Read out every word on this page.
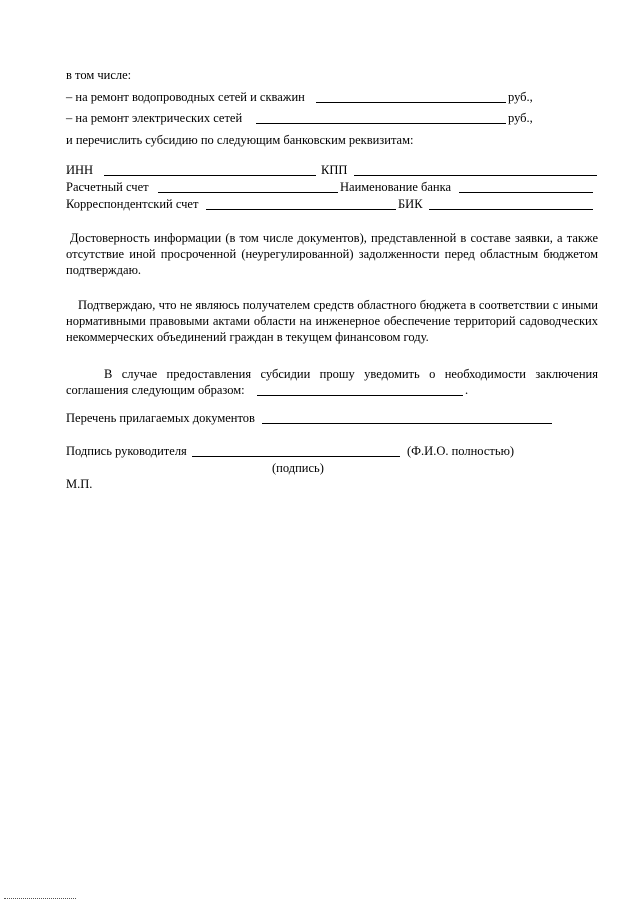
в том числе:
– на ремонт водопроводных сетей и скважин	руб.,
– на ремонт электрических сетей	руб.,
и перечислить субсидию по следующим банковским реквизитам:
ИНН	КПП
Расчетный счет	Наименование банка
Корреспондентский счет	БИК
Достоверность информации (в том числе документов), представленной в составе заявки, а также отсутствие иной просроченной (неурегулированной) задолженности перед областным бюджетом подтверждаю.
Подтверждаю, что не являюсь получателем средств областного бюджета в соответствии с иными нормативными правовыми актами области на инженерное обеспечение территорий садоводческих некоммерческих объединений граждан в текущем финансовом году.
В случае предоставления субсидии прошу уведомить о необходимости заключения
соглашения следующим образом:	.
Перечень прилагаемых документов
Подпись руководителя	(Ф.И.О. полностью)
(подпись)
М.П.
